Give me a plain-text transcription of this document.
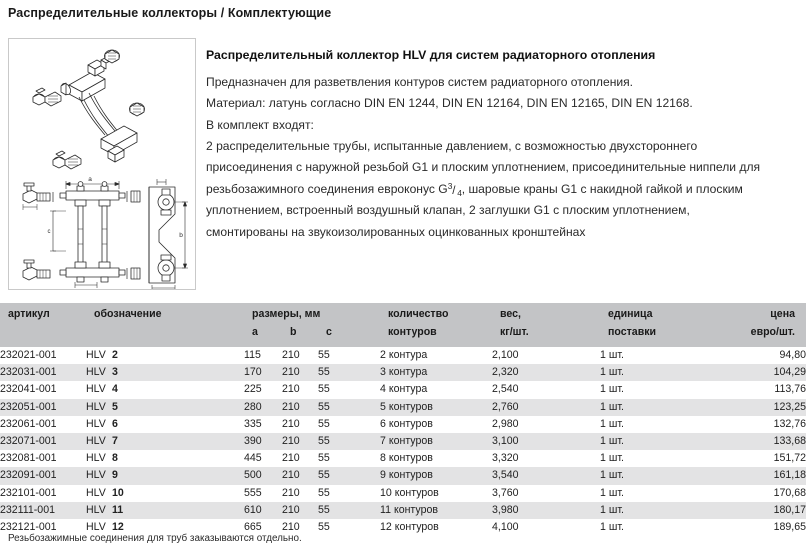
Распределительные коллекторы / Комплектующие
a
c	b
Распределительный коллектор HLV для систем радиаторного отопления
Предназначен для разветвления контуров систем радиаторного отопления.
Материал: латунь согласно DIN EN 1244, DIN EN 12164, DIN EN 12165, DIN EN 12168.
В комплект входят:
2 распределительные трубы, испытанные давлением, с возможностью двухстороннего
присоединения с наружной резьбой G1 и плоским уплотнением, присоединительные ниппели для
резьбозажимного соединения евроконус G 3 / 4 , шаровые краны G1 с накидной гайкой и плоским
уплотнением, встроенный воздушный клапан, 2 заглушки G1 с плоским уплотнением,
смонтированы на звукоизолированных оцинкованных кронштейнах
артикул	обозначение	размеры, мм			количество	вес,	единица	цена
		a	b	c	контуров	кг/шт.	поставки	евро/шт.
232021-001	HLV 2	115	210	55	2 контура	2,100	1 шт.	94,80
232031-001	HLV 3	170	210	55	3 контура	2,320	1 шт.	104,29
232041-001	HLV 4	225	210	55	4 контура	2,540	1 шт.	113,76
232051-001	HLV 5	280	210	55	5 контуров	2,760	1 шт.	123,25
232061-001	HLV 6	335	210	55	6 контуров	2,980	1 шт.	132,76
232071-001	HLV 7	390	210	55	7 контуров	3,100	1 шт.	133,68
232081-001	HLV 8	445	210	55	8 контуров	3,320	1 шт.	151,72
232091-001	HLV 9	500	210	55	9 контуров	3,540	1 шт.	161,18
232101-001	HLV 10	555	210	55	10 контуров	3,760	1 шт.	170,68
232111-001	HLV 11	610	210	55	11 контуров	3,980	1 шт.	180,17
232121-001	HLV 12	665	210	55	12 контуров	4,100	1 шт.	189,65
Резьбозажимные соединения для труб заказываются отдельно.
